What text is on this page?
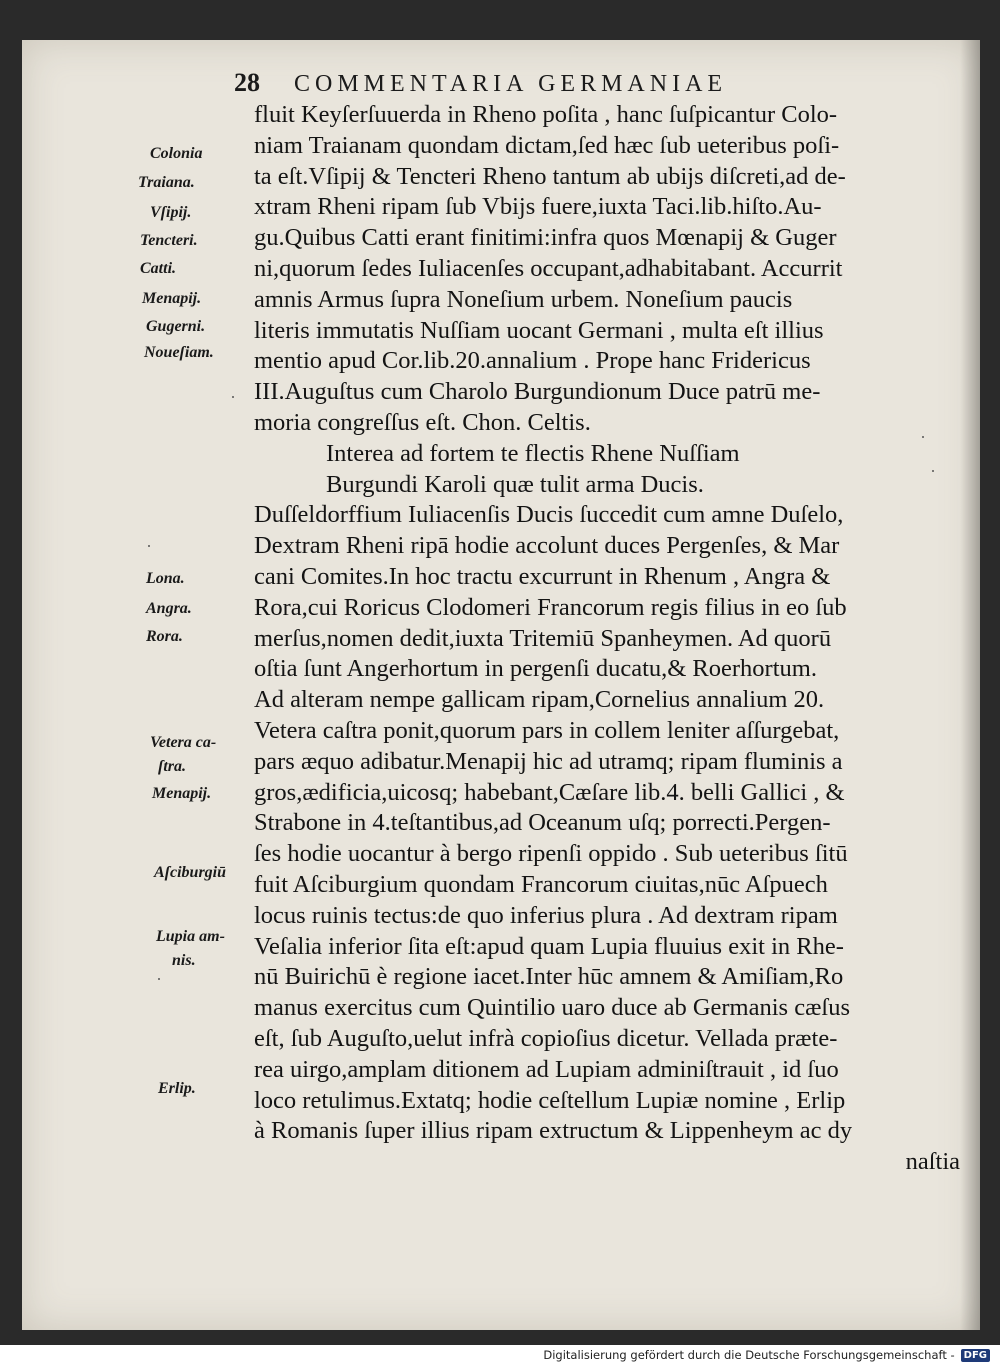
28 COMMENTARIA GERMANIAE
Colonia
Traiana.
Vſipij.
Tencteri.
Catti.
Menapij.
Gugerni.
Noueſiam.
Lona.
Angra.
Rora.
Vetera ca-
ſtra.
Menapij.
Aſciburgiū
Lupia am-
nis.
Erlip.
fluit Keyſerſuuerda in Rheno poſita , hanc ſuſpicantur Colo-
niam Traianam quondam dictam,ſed hæc ſub ueteribus poſi-
ta eſt.Vſipij & Tencteri Rheno tantum ab ubijs diſcreti,ad de-
xtram Rheni ripam ſub Vbijs fuere,iuxta Taci.lib.hiſto.Au-
gu.Quibus Catti erant finitimi:infra quos Mœnapij & Guger
ni,quorum ſedes Iuliacenſes occupant,adhabitabant. Accurrit
amnis Armus ſupra Noneſium urbem. Noneſium paucis
literis immutatis Nuſſiam uocant Germani , multa eſt illius
mentio apud Cor.lib.20.annalium . Prope hanc Fridericus
III.Auguſtus cum Charolo Burgundionum Duce patrū me-
moria congreſſus eſt. Chon. Celtis.
Interea ad fortem te flectis Rhene Nuſſiam
Burgundi Karoli quæ tulit arma Ducis.
Duſſeldorffium Iuliacenſis Ducis ſuccedit cum amne Duſelo,
Dextram Rheni ripā hodie accolunt duces Pergenſes, & Mar
cani Comites.In hoc tractu excurrunt in Rhenum , Angra &
Rora,cui Roricus Clodomeri Francorum regis filius in eo ſub
merſus,nomen dedit,iuxta Tritemiū Spanheymen. Ad quorū
oſtia ſunt Angerhortum in pergenſi ducatu,& Roerhortum.
Ad alteram nempe gallicam ripam,Cornelius annalium 20.
Vetera caſtra ponit,quorum pars in collem leniter aſſurgebat,
pars æquo adibatur.Menapij hic ad utramq; ripam fluminis a
gros,ædificia,uicosq; habebant,Cæſare lib.4. belli Gallici , &
Strabone in 4.teſtantibus,ad Oceanum uſq; porrecti.Pergen-
ſes hodie uocantur à bergo ripenſi oppido . Sub ueteribus ſitū
fuit Aſciburgium quondam Francorum ciuitas,nūc Aſpuech
locus ruinis tectus:de quo inferius plura . Ad dextram ripam
Veſalia inferior ſita eſt:apud quam Lupia fluuius exit in Rhe-
nū Buirichū è regione iacet.Inter hūc amnem & Amiſiam,Ro
manus exercitus cum Quintilio uaro duce ab Germanis cæſus
eſt, ſub Auguſto,uelut infrà copioſius dicetur. Vellada præte-
rea uirgo,amplam ditionem ad Lupiam adminiſtrauit , id ſuo
loco retulimus.Extatq; hodie ceſtellum Lupiæ nomine , Erlip
à Romanis ſuper illius ripam extructum & Lippenheym ac dy
naſtia
Digitalisierung gefördert durch die Deutsche Forschungsgemeinschaft - DFG
